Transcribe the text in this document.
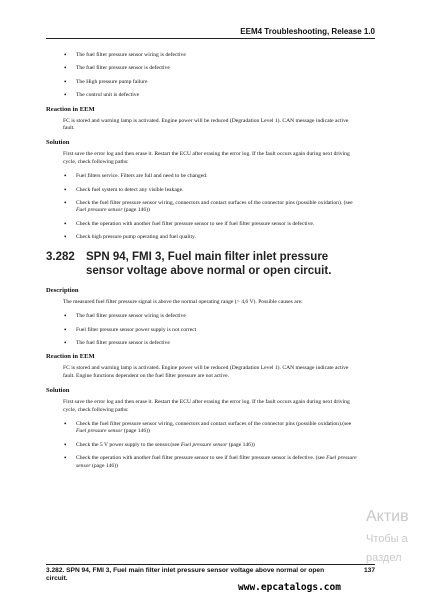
EEM4 Troubleshooting, Release 1.0
• The fuel filter pressure sensor wiring is defective
• The fuel filter pressure sensor is defective
• The High pressure pump failure
• The control unit is defective
Reaction in EEM
FC is stored and warning lamp is activated. Engine power will be reduced (Degradation Level 1). CAN message indicate active fault.
Solution
First save the error log and then erase it. Restart the ECU after erasing the error log. If the fault occurs again during next driving cycle, check following paths:
• Fuel filters service. Filters are full and need to be changed.
• Check fuel system to detect any visible leakage.
• Check the fuel filter pressure sensor wiring, connectors and contact surfaces of the connector pins (possible oxidation). (see Fuel pressure sensor (page 146))
• Check the operation with another fuel filter pressure sensor to see if fuel filter pressure sensor is defective.
• Check high pressure pump operating and fuel quality.
3.282 SPN 94, FMI 3, Fuel main filter inlet pressure sensor voltage above normal or open circuit.
Description
The measured fuel filter pressure signal is above the normal operating range (> 4,6 V). Possible causes are:
• The fuel filter pressure sensor wiring is defective
• Fuel filter pressure sensor power supply is not correct
• The fuel filter pressure sensor is defective
Reaction in EEM
FC is stored and warning lamp is activated. Engine power will be reduced (Degradation Level 1). CAN message indicate active fault. Engine functions dependent on the fuel filter pressure are not active.
Solution
First save the error log and then erase it. Restart the ECU after erasing the error log. If the fault occurs again during next driving cycle, check following paths:
• Check the fuel filter pressure sensor wiring, connectors and contact surfaces of the connector pins (possible oxidation).(see Fuel pressure sensor (page 146))
• Check the 5 V power supply to the sensor.(see Fuel pressure sensor (page 146))
• Check the operation with another fuel filter pressure sensor to see if fuel filter pressure sensor is defective. (see Fuel pressure sensor (page 146))
Актив
Чтобы а
раздел
3.282. SPN 94, FMI 3, Fuel main filter inlet pressure sensor voltage above normal or open circuit.
137
www.epcatalogs.com
